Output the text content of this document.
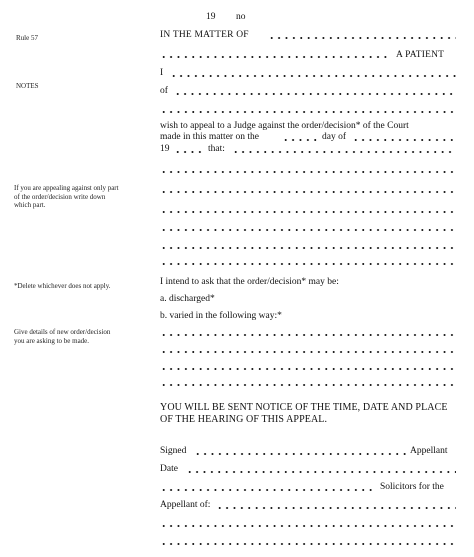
19 no
Rule 57
NOTES
If you are appealing against only part
of the order/decision write down
which part.
*Delete whichever does not apply.
Give details of new order/decision
you are asking to be made.
IN THE MATTER OF
A PATIENT
I
of
wish to appeal to a Judge against the order/decision* of the Court
made in this matter on the	day of
19	that:
I intend to ask that the order/decision* may be:
a. discharged*
b. varied in the following way:*
YOU WILL BE SENT NOTICE OF THE TIME, DATE AND PLACE
OF THE HEARING OF THIS APPEAL.
Signed	Appellant
Date
Solicitors for the
Appellant of:
